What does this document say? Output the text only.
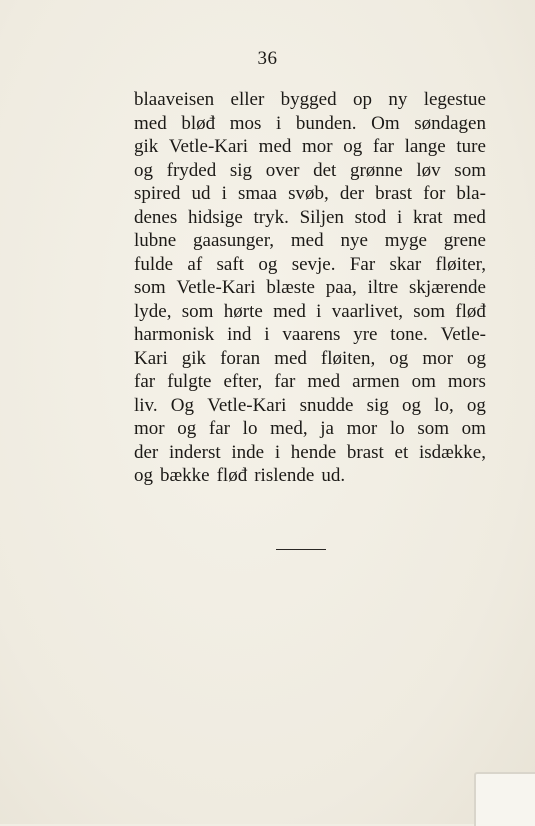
36
blaaveisen eller bygged op ny legestue
med bløđ mos i bunden. Om søndagen
gik Vetle-Kari med mor og far lange ture
og fryded sig over det grønne løv som
spired ud i smaa svøb, der brast for bla-
denes hidsige tryk. Siljen stod i krat med
lubne gaasunger, med nye myge grene
fulde af saft og sevje. Far skar fløiter,
som Vetle-Kari blæste paa, iltre skjærende
lyde, som hørte med i vaarlivet, som fløđ
harmonisk ind i vaarens yre tone. Vetle-
Kari gik foran med fløiten, og mor og
far fulgte efter, far med armen om mors
liv. Og Vetle-Kari snudde sig og lo, og
mor og far lo med, ja mor lo som om
der inderst inde i hende brast et isdække,
og bække fløđ rislende ud.
